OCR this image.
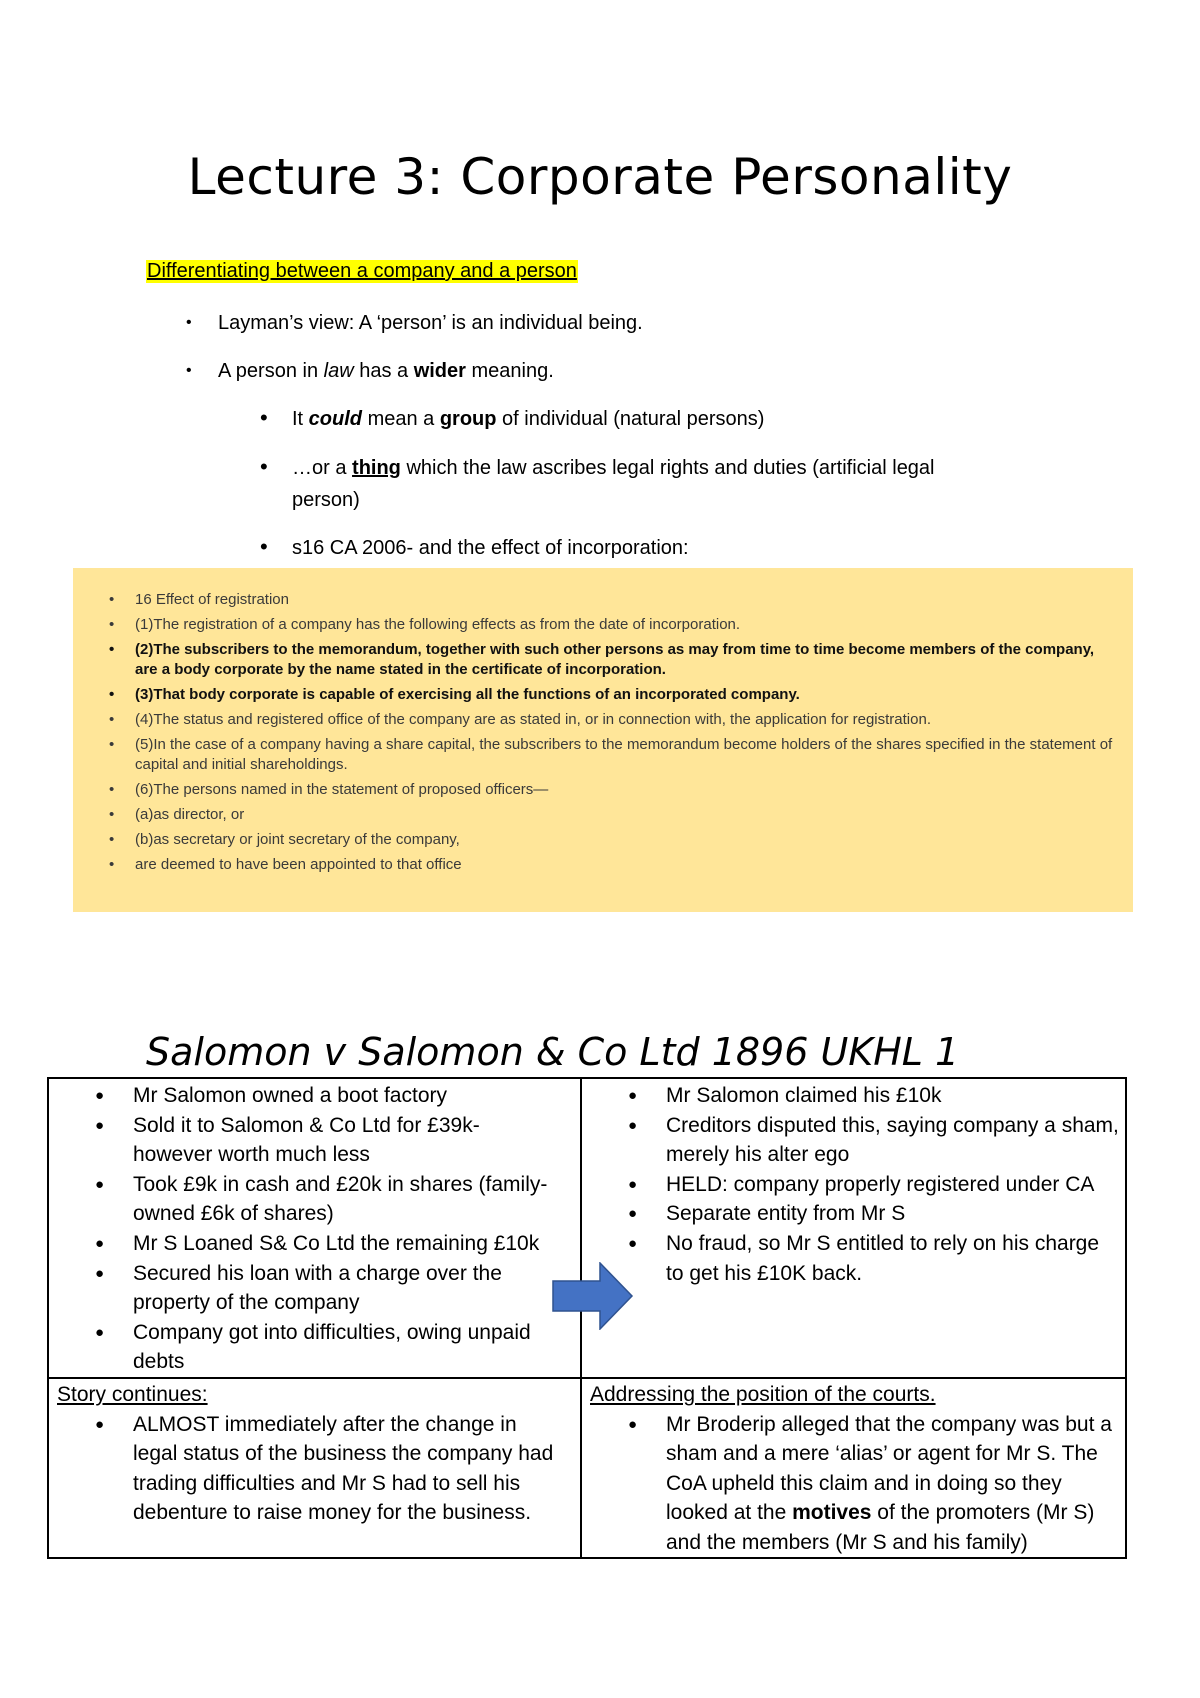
Lecture 3: Corporate Personality
Differentiating between a company and a person
• Layman’s view: A ‘person’ is an individual being.
• A person in law has a wider meaning.
• It could mean a group of individual (natural persons)
• …or a thing which the law ascribes legal rights and duties (artificial legal
person)
• s16 CA 2006- and the effect of incorporation:
• 16 Effect of registration
• (1)The registration of a company has the following effects as from the date of incorporation.
• (2)The subscribers to the memorandum, together with such other persons as may from time to time become members of the company, are a body corporate by the name stated in the certificate of incorporation.
• (3)That body corporate is capable of exercising all the functions of an incorporated company.
• (4)The status and registered office of the company are as stated in, or in connection with, the application for registration.
• (5)In the case of a company having a share capital, the subscribers to the memorandum become holders of the shares specified in the statement of capital and initial shareholdings.
• (6)The persons named in the statement of proposed officers—
• (a)as director, or
• (b)as secretary or joint secretary of the company,
• are deemed to have been appointed to that office
Salomon v Salomon & Co Ltd 1896 UKHL 1
● Mr Salomon owned a boot factory
● Sold it to Salomon & Co Ltd for £39k- however worth much less
● Took £9k in cash and £20k in shares (family-owned £6k of shares)
● Mr S Loaned S& Co Ltd the remaining £10k
● Secured his loan with a charge over the property of the company
● Company got into difficulties, owing unpaid debts
● Mr Salomon claimed his £10k
● Creditors disputed this, saying company a sham, merely his alter ego
● HELD: company properly registered under CA
● Separate entity from Mr S
● No fraud, so Mr S entitled to rely on his charge to get his £10K back.
Story continues:
● ALMOST immediately after the change in legal status of the business the company had trading difficulties and Mr S had to sell his debenture to raise money for the business.
Addressing the position of the courts.
● Mr Broderip alleged that the company was but a sham and a mere ‘alias’ or agent for Mr S. The CoA upheld this claim and in doing so they looked at the motives of the promoters (Mr S) and the members (Mr S and his family)
